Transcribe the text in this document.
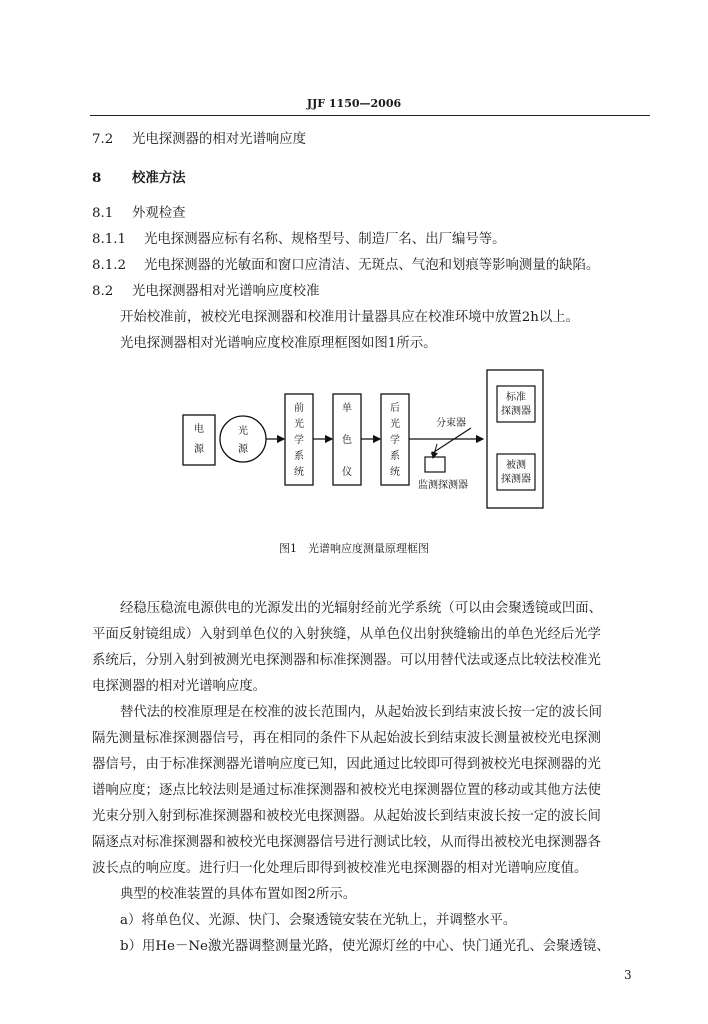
JJF 1150—2006
7.2 光电探测器的相对光谱响应度
8 校准方法
8.1 外观检查
8.1.1 光电探测器应标有名称、规格型号、制造厂名、出厂编号等。
8.1.2 光电探测器的光敏面和窗口应清洁、无斑点、气泡和划痕等影响测量的缺陷。
8.2 光电探测器相对光谱响应度校准
开始校准前，被校光电探测器和校准用计量器具应在校准环境中放置2h以上。
光电探测器相对光谱响应度校准原理框图如图1所示。
电
源
光
源
前
光
学
系
统
单
色
仪
后
光
学
系
统
分束器
监测探测器
标准
探测器
被测
探测器
图1　光谱响应度测量原理框图
经稳压稳流电源供电的光源发出的光辐射经前光学系统（可以由会聚透镜或凹面、
平面反射镜组成）入射到单色仪的入射狭缝，从单色仪出射狭缝输出的单色光经后光学
系统后，分别入射到被测光电探测器和标准探测器。可以用替代法或逐点比较法校准光
电探测器的相对光谱响应度。
替代法的校准原理是在校准的波长范围内，从起始波长到结束波长按一定的波长间
隔先测量标准探测器信号，再在相同的条件下从起始波长到结束波长测量被校光电探测
器信号，由于标准探测器光谱响应度已知，因此通过比较即可得到被校光电探测器的光
谱响应度；逐点比较法则是通过标准探测器和被校光电探测器位置的移动或其他方法使
光束分别入射到标准探测器和被校光电探测器。从起始波长到结束波长按一定的波长间
隔逐点对标准探测器和被校光电探测器信号进行测试比较，从而得出被校光电探测器各
波长点的响应度。进行归一化处理后即得到被校准光电探测器的相对光谱响应度值。
典型的校准装置的具体布置如图2所示。
a）将单色仪、光源、快门、会聚透镜安装在光轨上，并调整水平。
b）用He－Ne激光器调整测量光路，使光源灯丝的中心、快门通光孔、会聚透镜、
3
